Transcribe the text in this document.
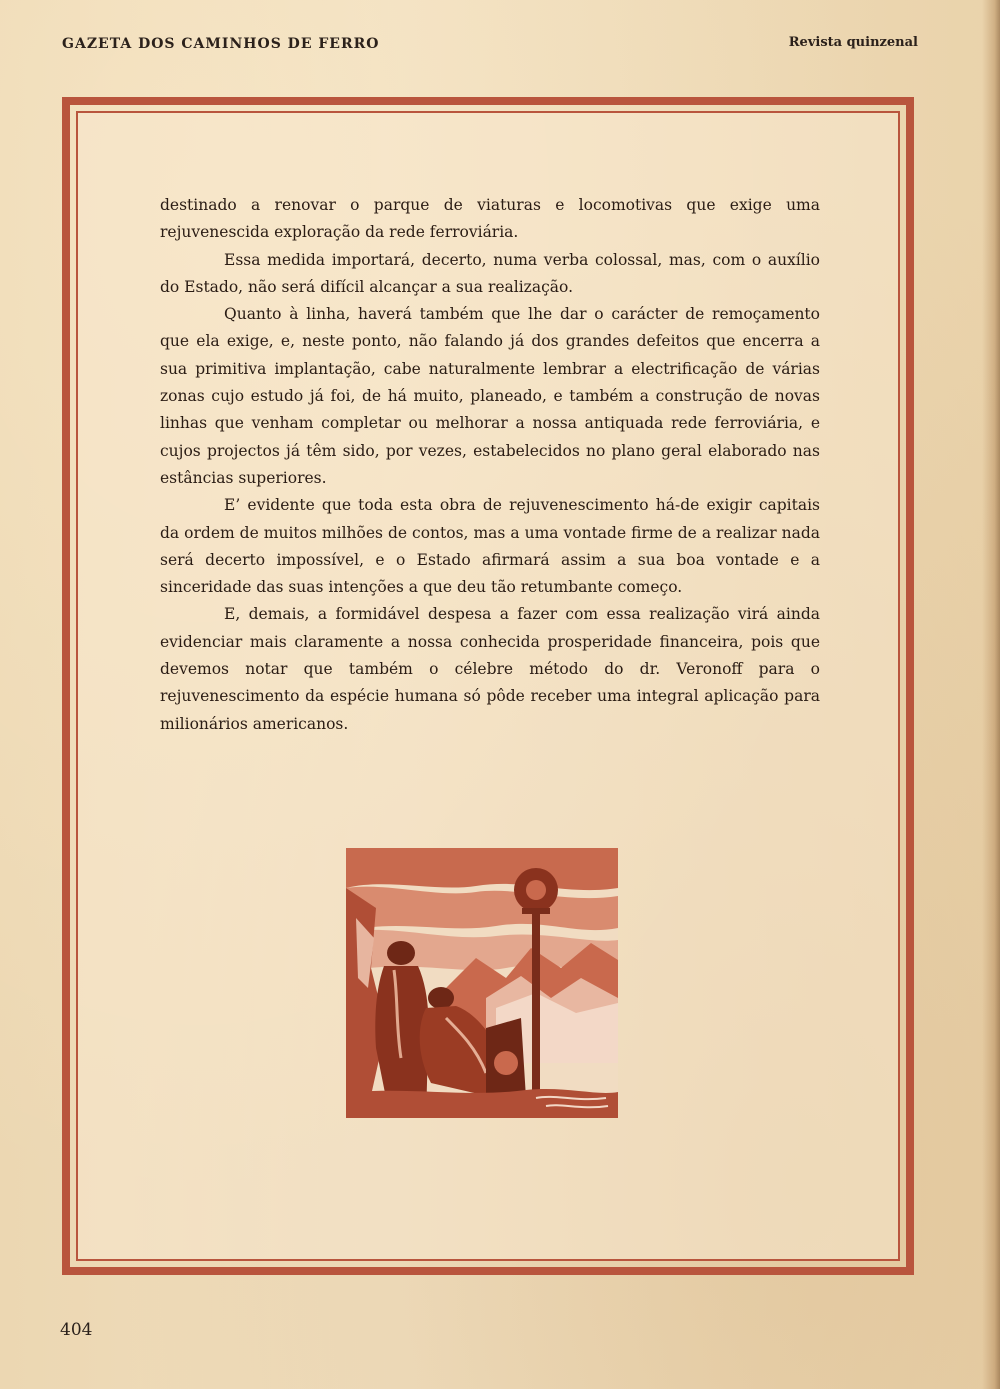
GAZETA DOS CAMINHOS DE FERRO	Revista quinzenal

destinado a renovar o parque de viaturas e locomotivas que exige uma rejuvenescida exploração da rede ferroviária.

Essa medida importará, decerto, numa verba colossal, mas, com o auxílio do Estado, não será difícil alcançar a sua realização.

Quanto à linha, haverá também que lhe dar o carácter de remoçamento que ela exige, e, neste ponto, não falando já dos grandes defeitos que encerra a sua primitiva implantação, cabe naturalmente lembrar a electrificação de várias zonas cujo estudo já foi, de há muito, planeado, e também a construção de novas linhas que venham completar ou melhorar a nossa antiquada rede ferroviária, e cujos projectos já têm sido, por vezes, estabelecidos no plano geral elaborado nas estâncias superiores.

E’ evidente que toda esta obra de rejuvenescimento há-de exigir capitais da ordem de muitos milhões de contos, mas a uma vontade firme de a realizar nada será decerto impossível, e o Estado afirmará assim a sua boa vontade e a sinceridade das suas intenções a que deu tão retumbante começo.

E, demais, a formidável despesa a fazer com essa realização virá ainda evidenciar mais claramente a nossa conhecida prosperidade financeira, pois que devemos notar que também o célebre método do dr. Veronoff para o rejuvenescimento da espécie humana só pôde receber uma integral aplicação para milionários americanos.

404
